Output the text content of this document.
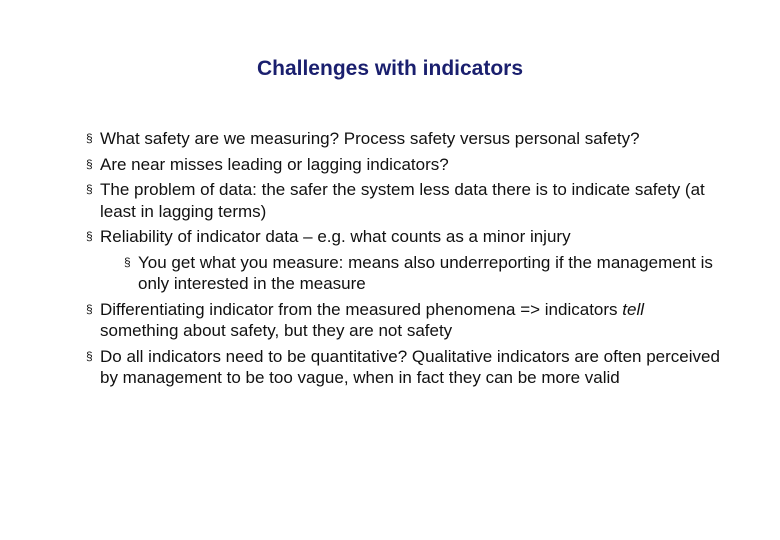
Challenges with indicators
§ What safety are we measuring? Process safety versus personal safety?
§ Are near misses leading or lagging indicators?
§ The problem of data: the safer the system less data there is to indicate safety (at least in lagging terms)
§ Reliability of indicator data – e.g. what counts as a minor injury
§ You get what you measure: means also underreporting if the management is only interested in the measure
§ Differentiating indicator from the measured phenomena => indicators tell something about safety, but they are not safety
§ Do all indicators need to be quantitative? Qualitative indicators are often perceived by management to be too vague, when in fact they can be more valid
